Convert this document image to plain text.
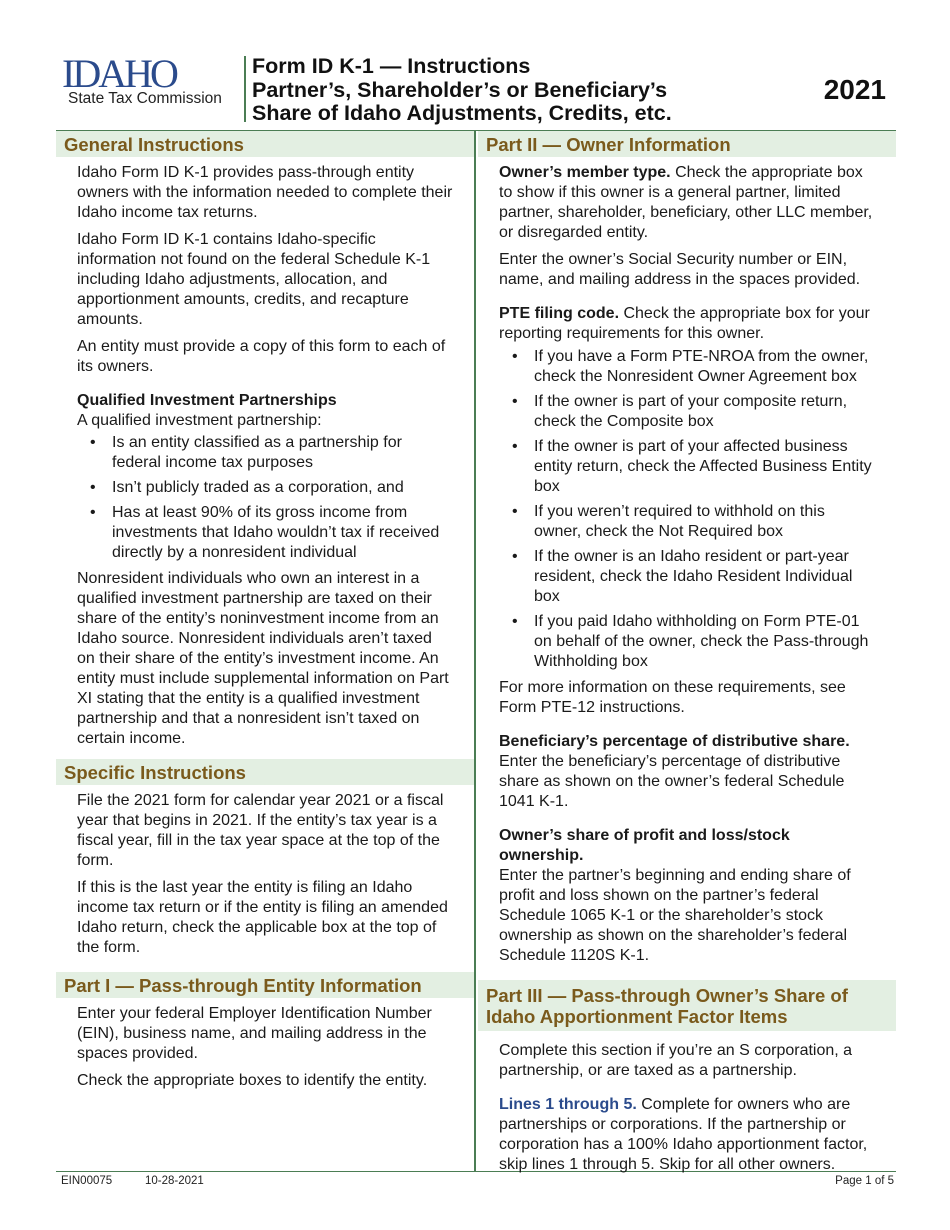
IDAHO
State Tax Commission
Form ID K-1 — Instructions
Partner’s, Shareholder’s or Beneficiary’s
Share of Idaho Adjustments, Credits, etc.
2021
General Instructions

Idaho Form ID K-1 provides pass-through entity owners with the information needed to complete their Idaho income tax returns.

Idaho Form ID K-1 contains Idaho-specific information not found on the federal Schedule K-1 including Idaho adjustments, allocation, and apportionment amounts, credits, and recapture amounts.

An entity must provide a copy of this form to each of its owners.

Qualified Investment Partnerships
A qualified investment partnership:
• Is an entity classified as a partnership for federal income tax purposes
• Isn’t publicly traded as a corporation, and
• Has at least 90% of its gross income from investments that Idaho wouldn’t tax if received directly by a nonresident individual

Nonresident individuals who own an interest in a qualified investment partnership are taxed on their share of the entity’s noninvestment income from an Idaho source. Nonresident individuals aren’t taxed on their share of the entity’s investment income. An entity must include supplemental information on Part XI stating that the entity is a qualified investment partnership and that a nonresident isn’t taxed on certain income.

Specific Instructions

File the 2021 form for calendar year 2021 or a fiscal year that begins in 2021. If the entity’s tax year is a fiscal year, fill in the tax year space at the top of the form.

If this is the last year the entity is filing an Idaho income tax return or if the entity is filing an amended Idaho return, check the applicable box at the top of the form.

Part I — Pass-through Entity Information

Enter your federal Employer Identification Number (EIN), business name, and mailing address in the spaces provided.

Check the appropriate boxes to identify the entity.

Part II — Owner Information

Owner’s member type. Check the appropriate box to show if this owner is a general partner, limited partner, shareholder, beneficiary, other LLC member, or disregarded entity.

Enter the owner’s Social Security number or EIN, name, and mailing address in the spaces provided.

PTE filing code. Check the appropriate box for your reporting requirements for this owner.

• If you have a Form PTE-NROA from the owner, check the Nonresident Owner Agreement box
• If the owner is part of your composite return, check the Composite box
• If the owner is part of your affected business entity return, check the Affected Business Entity box
• If you weren’t required to withhold on this owner, check the Not Required box
• If the owner is an Idaho resident or part-year resident, check the Idaho Resident Individual box
• If you paid Idaho withholding on Form PTE-01 on behalf of the owner, check the Pass-through Withholding box

For more information on these requirements, see Form PTE-12 instructions.

Beneficiary’s percentage of distributive share.

Enter the beneficiary’s percentage of distributive share as shown on the owner’s federal Schedule 1041 K-1.

Owner’s share of profit and loss/stock ownership.

Enter the partner’s beginning and ending share of profit and loss shown on the partner’s federal Schedule 1065 K-1 or the shareholder’s stock ownership as shown on the shareholder’s federal Schedule 1120S K-1.

Part III — Pass-through Owner’s Share of
Idaho Apportionment Factor Items

Complete this section if you’re an S corporation, a partnership, or are taxed as a partnership.

Lines 1 through 5. Complete for owners who are partnerships or corporations. If the partnership or corporation has a 100% Idaho apportionment factor, skip lines 1 through 5. Skip for all other owners.

EIN00075	10-28-2021	Page 1 of 5
